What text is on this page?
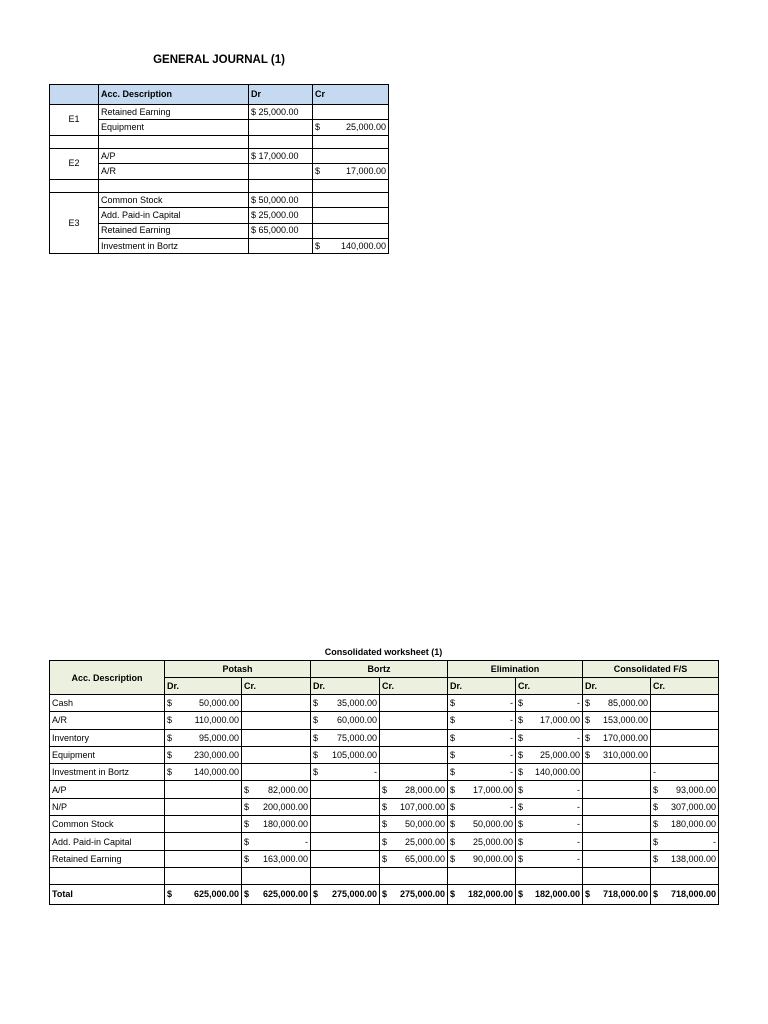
GENERAL JOURNAL (1)
	Acc. Description	Dr	Cr
E1	Retained Earning	$ 25,000.00	

	Equipment		$ 25,000.00

E2	A/P	$ 17,000.00	

	A/R		$ 17,000.00

E3	Common Stock	$ 50,000.00	

	Add. Paid-in Capital	$ 25,000.00	

	Retained Earning	$ 65,000.00	

	Investment in Bortz		$ 140,000.00
Consolidated worksheet (1)
Acc. Description	Potash		Bortz		Elimination		Consolidated F/S	
	Dr.	Cr.	Dr.	Cr.	Dr.	Cr.	Dr.	Cr.
Cash	$ 50,000.00		$ 35,000.00		$ -	$ -	$ 85,000.00	

A/R	$ 110,000.00		$ 60,000.00		$ -	$ 17,000.00	$ 153,000.00	

Inventory	$ 95,000.00		$ 75,000.00		$ -	$ -	$ 170,000.00	

Equipment	$ 230,000.00		$ 105,000.00		$ -	$ 25,000.00	$ 310,000.00	

Investment in Bortz	$ 140,000.00		$ -		$ -	$ 140,000.00		-

A/P		$ 82,000.00		$ 28,000.00	$ 17,000.00	$ -		$ 93,000.00

N/P		$ 200,000.00		$ 107,000.00	$ -	$ -		$ 307,000.00

Common Stock		$ 180,000.00		$ 50,000.00	$ 50,000.00	$ -		$ 180,000.00

Add. Paid-in Capital		$ -		$ 25,000.00	$ 25,000.00	$ -		$ -

Retained Earning		$ 163,000.00		$ 65,000.00	$ 90,000.00	$ -		$ 138,000.00

Total	$ 625,000.00	$ 625,000.00	$ 275,000.00	$ 275,000.00	$ 182,000.00	$ 182,000.00	$ 718,000.00	$ 718,000.00
